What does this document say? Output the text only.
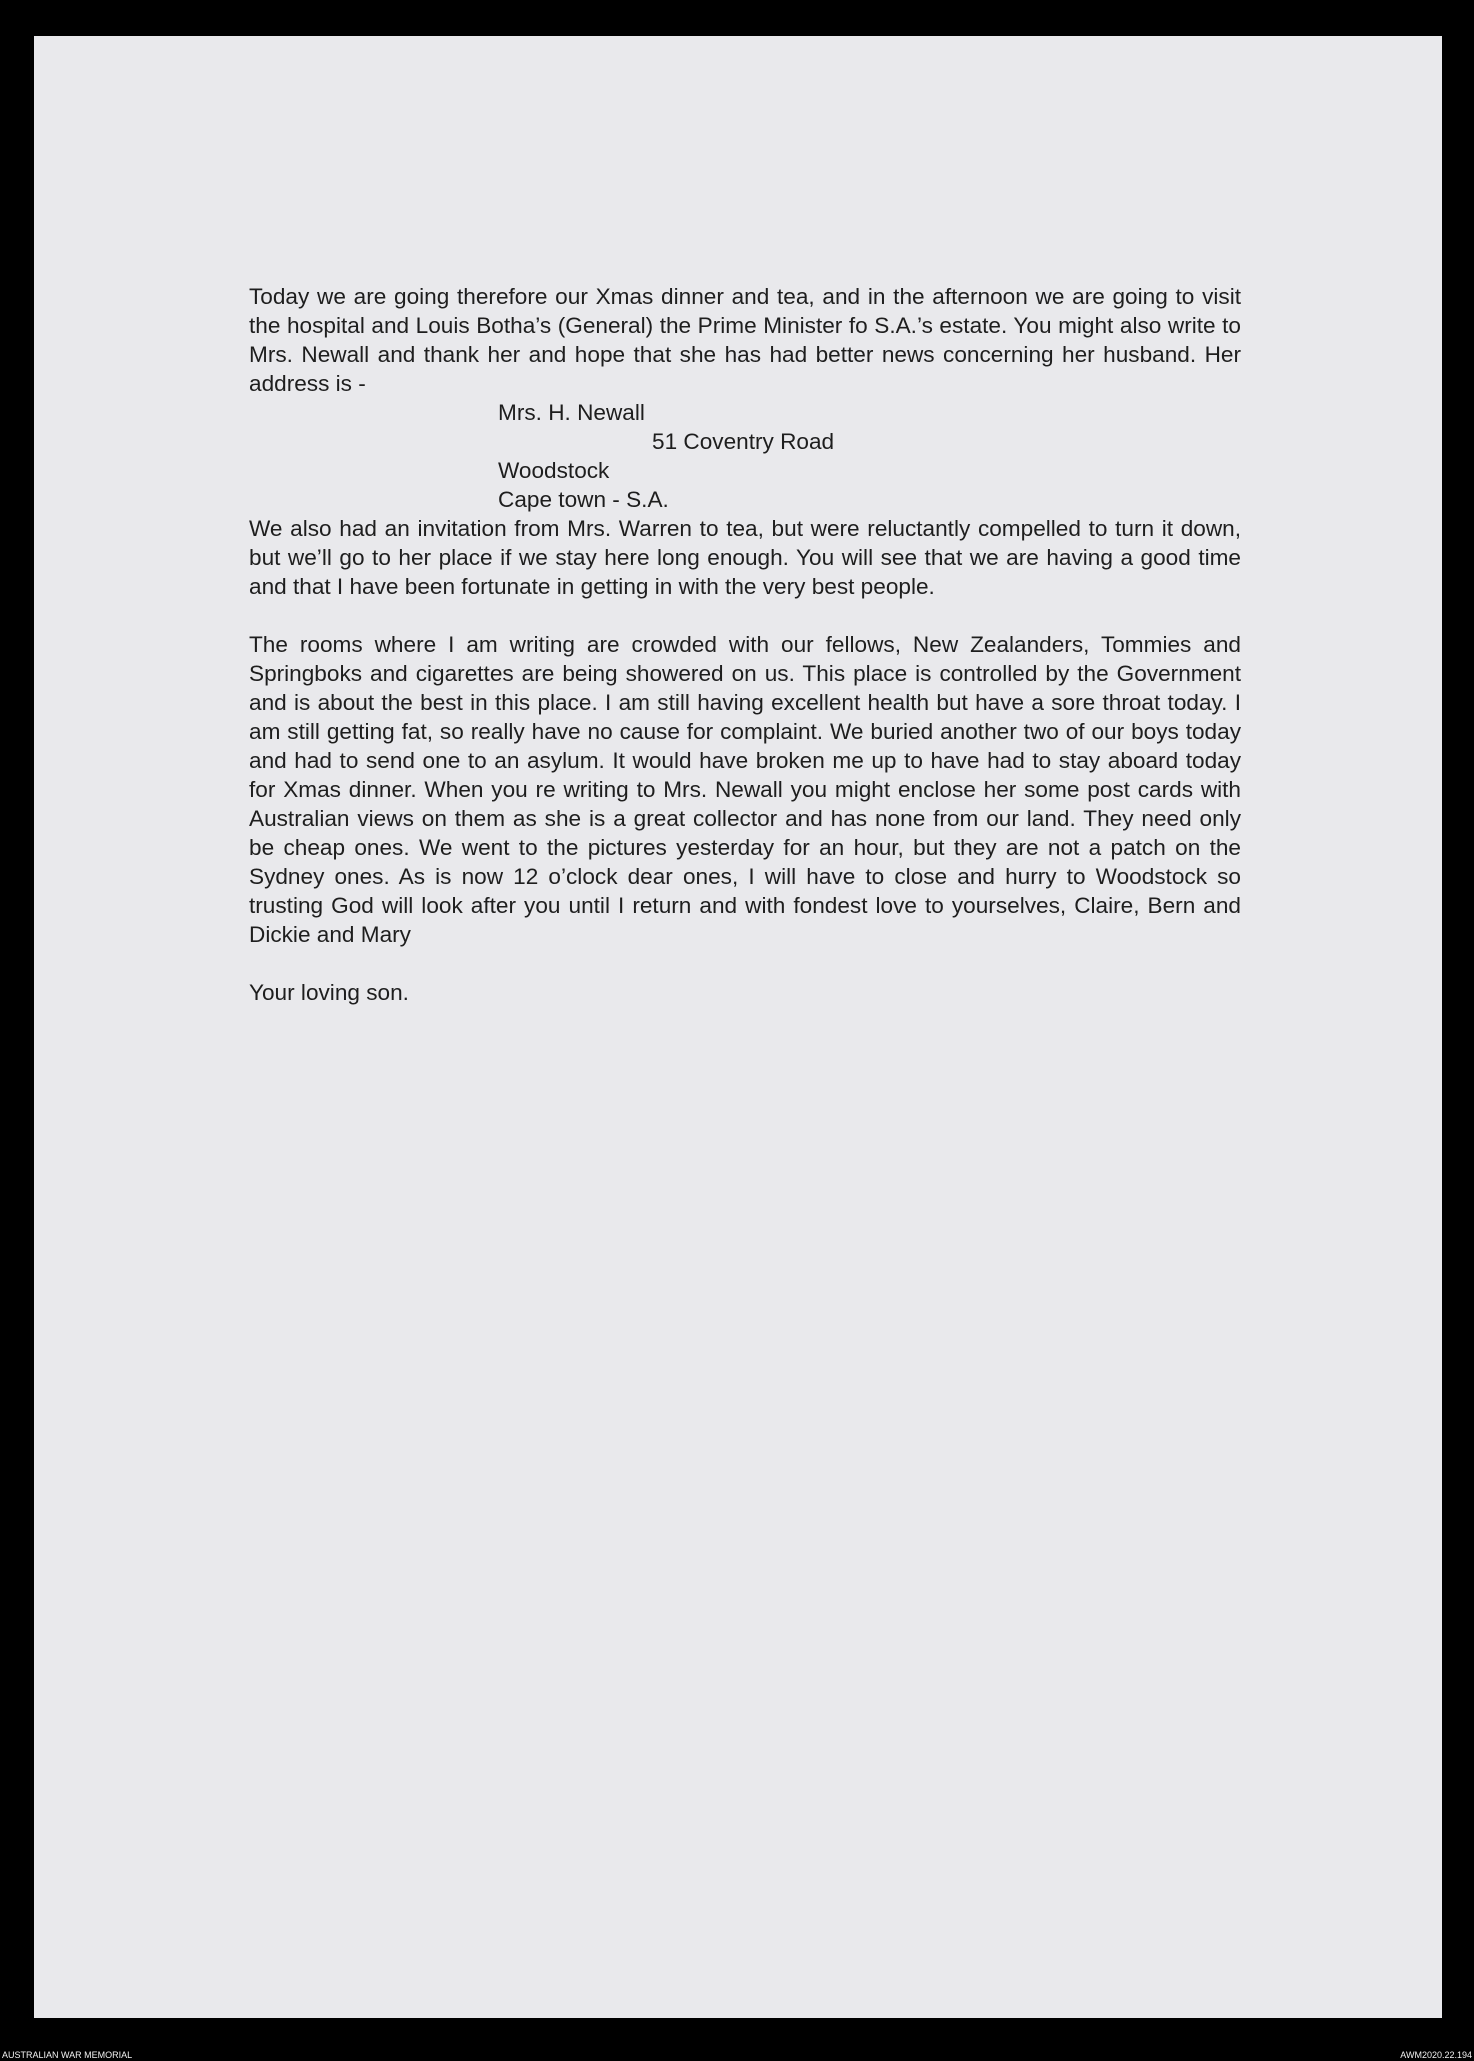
Today we are going therefore our Xmas dinner and tea, and in the afternoon we are going to visit the hospital and Louis Botha’s (General) the Prime Minister fo S.A.’s estate. You might also write to Mrs. Newall and thank her and hope that she has had better news concerning her husband. Her address is -

Mrs. H. Newall

51 Coventry Road

Woodstock

Cape town - S.A.

We also had an invitation from Mrs. Warren to tea, but were reluctantly compelled to turn it down, but we’ll go to her place if we stay here long enough. You will see that we are having a good time and that I have been fortunate in getting in with the very best people.

The rooms where I am writing are crowded with our fellows, New Zealanders, Tommies and Springboks and cigarettes are being showered on us. This place is controlled by the Government and is about the best in this place. I am still having excellent health but have a sore throat today. I am still getting fat, so really have no cause for complaint. We buried another two of our boys today and had to send one to an asylum. It would have broken me up to have had to stay aboard today for Xmas dinner. When you re writing to Mrs. Newall you might enclose her some post cards with Australian views on them as she is a great collector and has none from our land. They need only be cheap ones. We went to the pictures yesterday for an hour, but they are not a patch on the Sydney ones. As is now 12 o’clock dear ones, I will have to close and hurry to Woodstock so trusting God will look after you until I return and with fondest love to yourselves, Claire, Bern and Dickie and Mary

Your loving son.

AUSTRALIAN WAR MEMORIAL	AWM2020.22.194
